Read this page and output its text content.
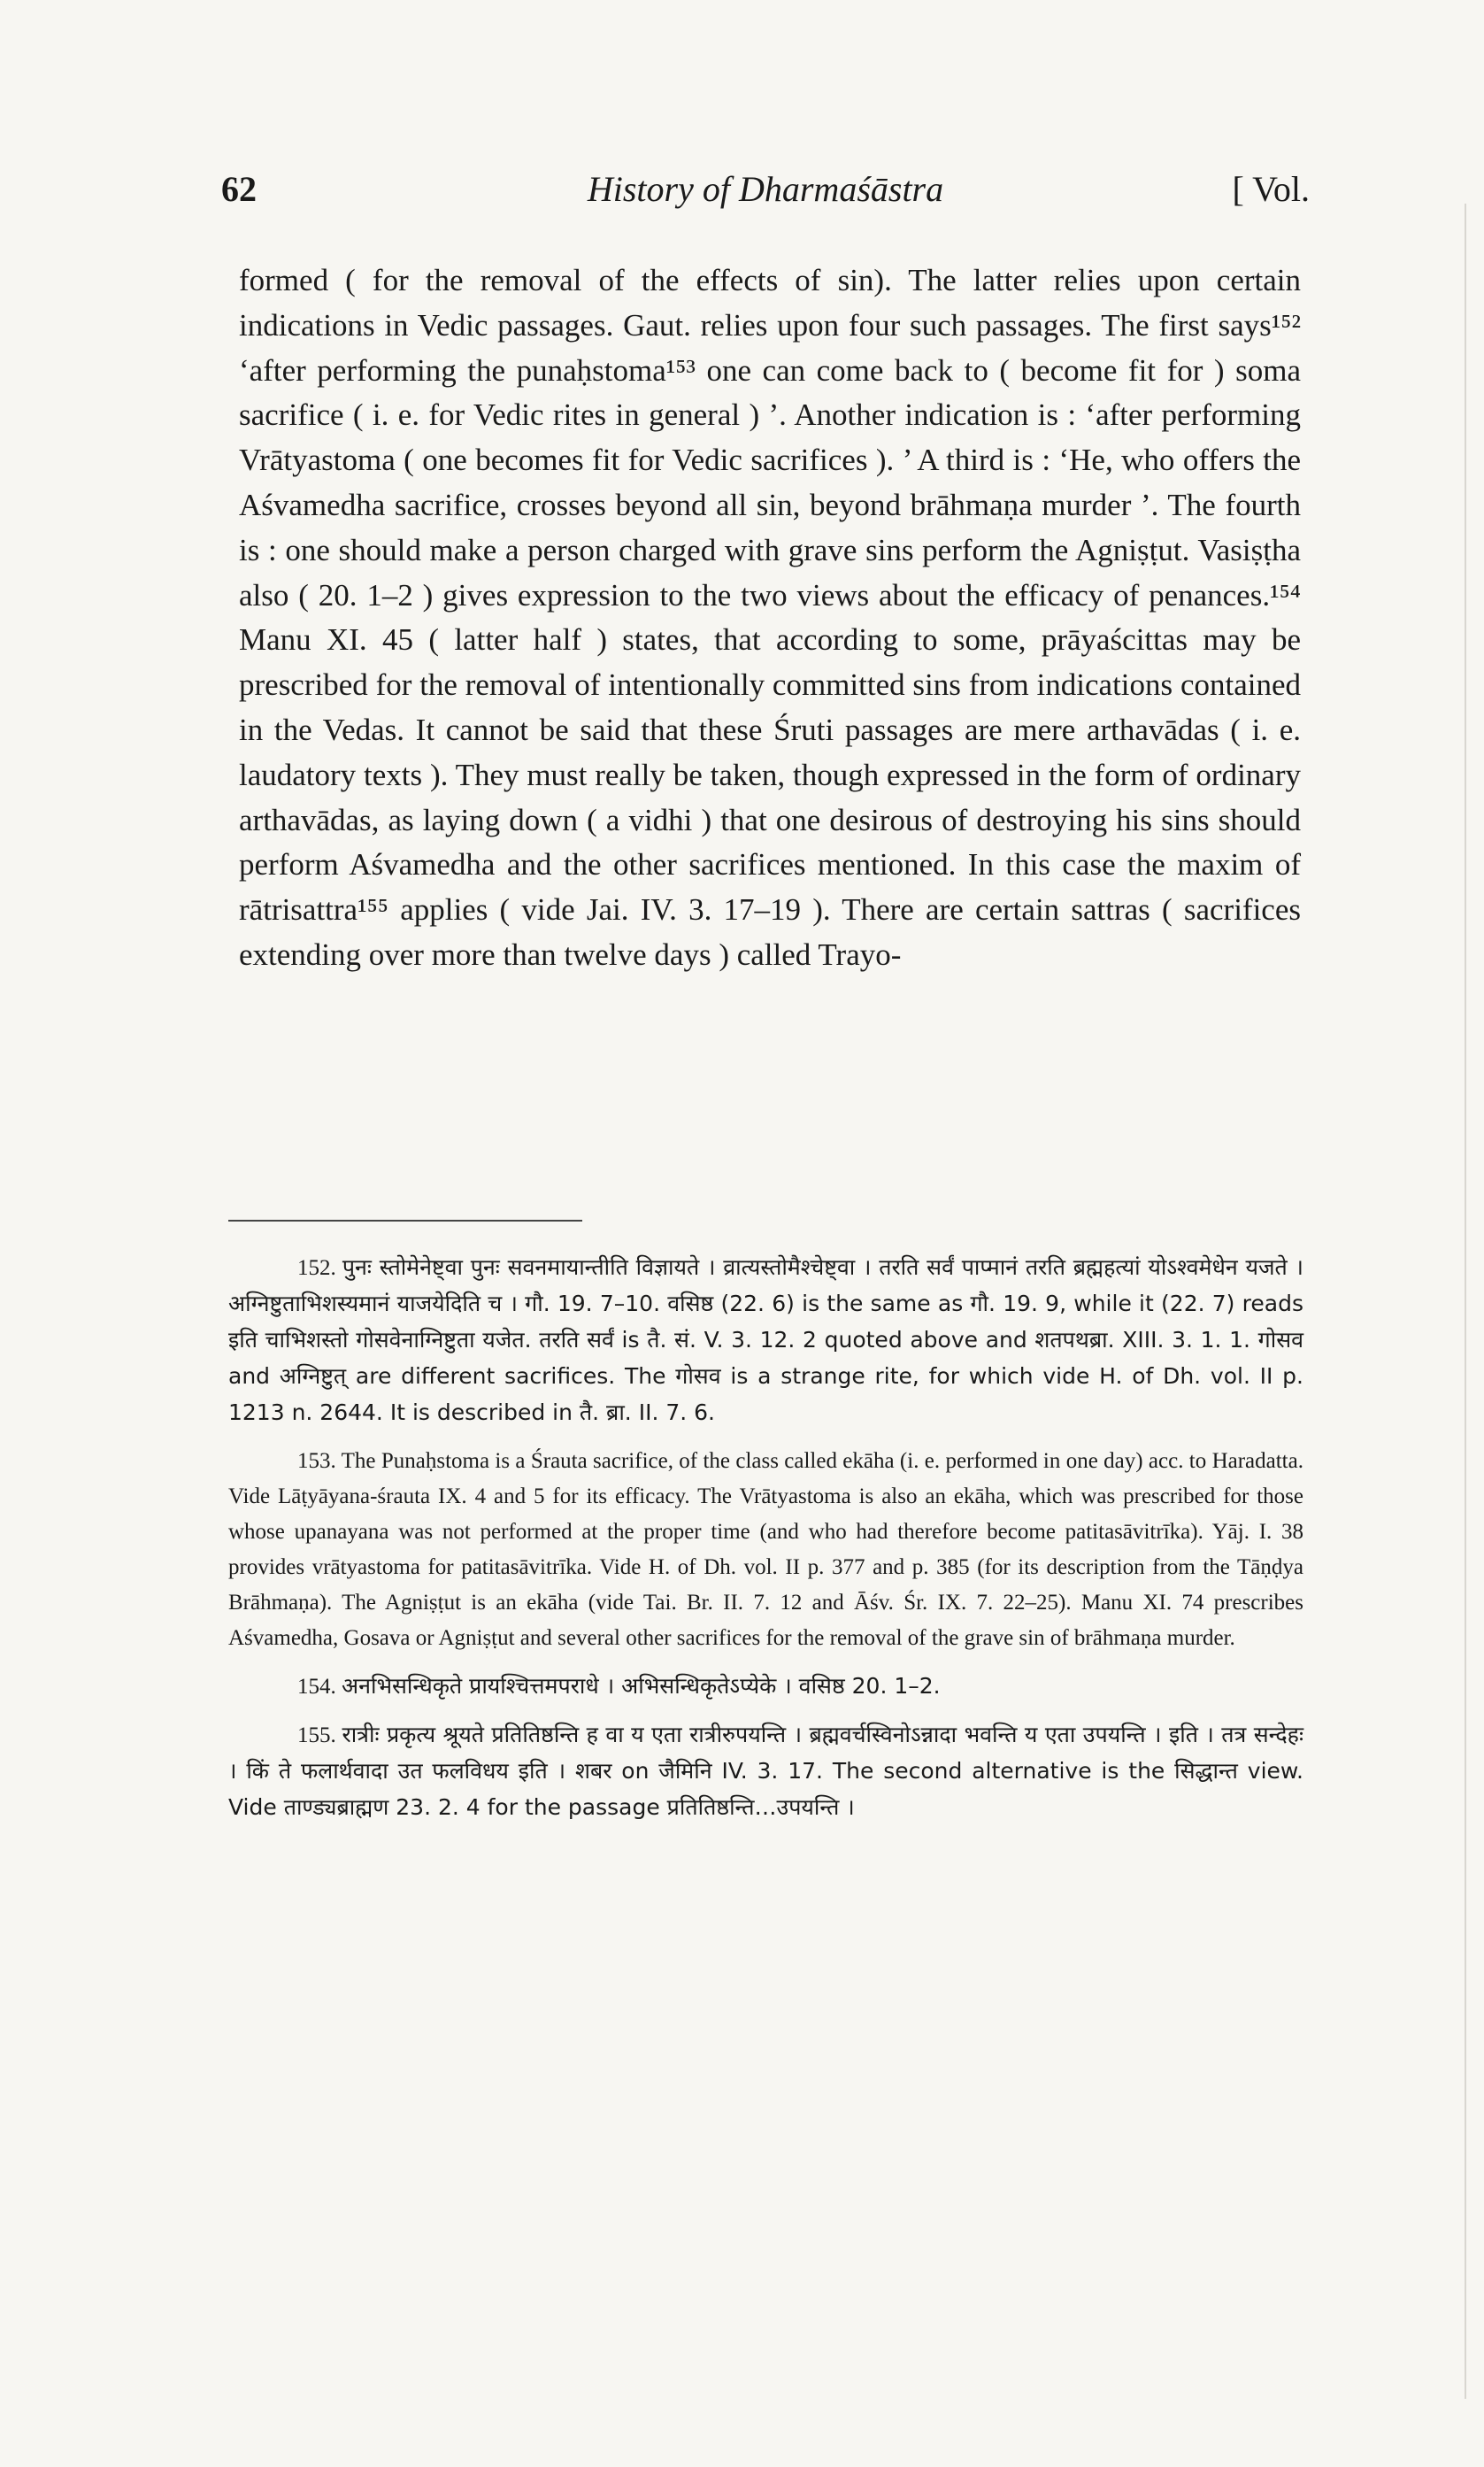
62	History of Dharmaśāstra	[ Vol.

formed ( for the removal of the effects of sin). The latter relies upon certain indications in Vedic passages. Gaut. relies upon four such passages. The first says¹⁵² ‘after performing the punaḥstoma¹⁵³ one can come back to ( become fit for ) soma sacrifice ( i. e. for Vedic rites in general ) ’. Another indication is : ‘after performing Vrātyastoma ( one becomes fit for Vedic sacrifices ). ’ A third is : ‘He, who offers the Aśvamedha sacrifice, crosses beyond all sin, beyond brāhmaṇa murder ’. The fourth is : one should make a person charged with grave sins perform the Agniṣṭut. Vasiṣṭha also ( 20. 1–2 ) gives expression to the two views about the efficacy of penances.¹⁵⁴ Manu XI. 45 ( latter half ) states, that according to some, prāyaścittas may be prescribed for the removal of intentionally committed sins from indications contained in the Vedas. It cannot be said that these Śruti passages are mere arthavādas ( i. e. laudatory texts ). They must really be taken, though expressed in the form of ordinary arthavādas, as laying down ( a vidhi ) that one desirous of destroying his sins should perform Aśvamedha and the other sacrifices mentioned. In this case the maxim of rātrisattra¹⁵⁵ applies ( vide Jai. IV. 3. 17–19 ). There are certain sattras ( sacrifices extending over more than twelve days ) called Trayo-

152. पुनः स्तोमेनेष्ट्वा पुनः सवनमायान्तीति विज्ञायते । व्रात्यस्तोमैश्चेष्ट्वा । तरति सर्वं पाप्मानं तरति ब्रह्महत्यां योऽश्वमेधेन यजते । अग्निष्टुताभिशस्यमानं याजयेदिति च । गौ. 19. 7–10. वसिष्ठ (22. 6) is the same as गौ. 19. 9, while it (22. 7) reads इति चाभिशस्तो गोसवेनाग्निष्टुता यजेत. तरति सर्वं is तै. सं. V. 3. 12. 2 quoted above and शतपथब्रा. XIII. 3. 1. 1. गोसव and अग्निष्टुत् are different sacrifices. The गोसव is a strange rite, for which vide H. of Dh. vol. II p. 1213 n. 2644. It is described in तै. ब्रा. II. 7. 6.

153. The Punaḥstoma is a Śrauta sacrifice, of the class called ekāha (i. e. performed in one day) acc. to Haradatta. Vide Lāṭyāyana-śrauta IX. 4 and 5 for its efficacy. The Vrātyastoma is also an ekāha, which was prescribed for those whose upanayana was not performed at the proper time (and who had therefore become patitasāvitrīka). Yāj. I. 38 provides vrātyastoma for patitasāvitrīka. Vide H. of Dh. vol. II p. 377 and p. 385 (for its description from the Tāṇḍya Brāhmaṇa). The Agniṣṭut is an ekāha (vide Tai. Br. II. 7. 12 and Āśv. Śr. IX. 7. 22–25). Manu XI. 74 prescribes Aśvamedha, Gosava or Agniṣṭut and several other sacrifices for the removal of the grave sin of brāhmaṇa murder.

154. अनभिसन्धिकृते प्रायश्चित्तमपराधे । अभिसन्धिकृतेऽप्येके । वसिष्ठ 20. 1–2.

155. रात्रीः प्रकृत्य श्रूयते प्रतितिष्ठन्ति ह वा य एता रात्रीरुपयन्ति । ब्रह्मवर्चस्विनोऽन्नादा भवन्ति य एता उपयन्ति । इति । तत्र सन्देहः । किं ते फलार्थवादा उत फलविधय इति । शबर on जैमिनि IV. 3. 17. The second alternative is the सिद्धान्त view. Vide ताण्ड्यब्राह्मण 23. 2. 4 for the passage प्रतितिष्ठन्ति…उपयन्ति ।
